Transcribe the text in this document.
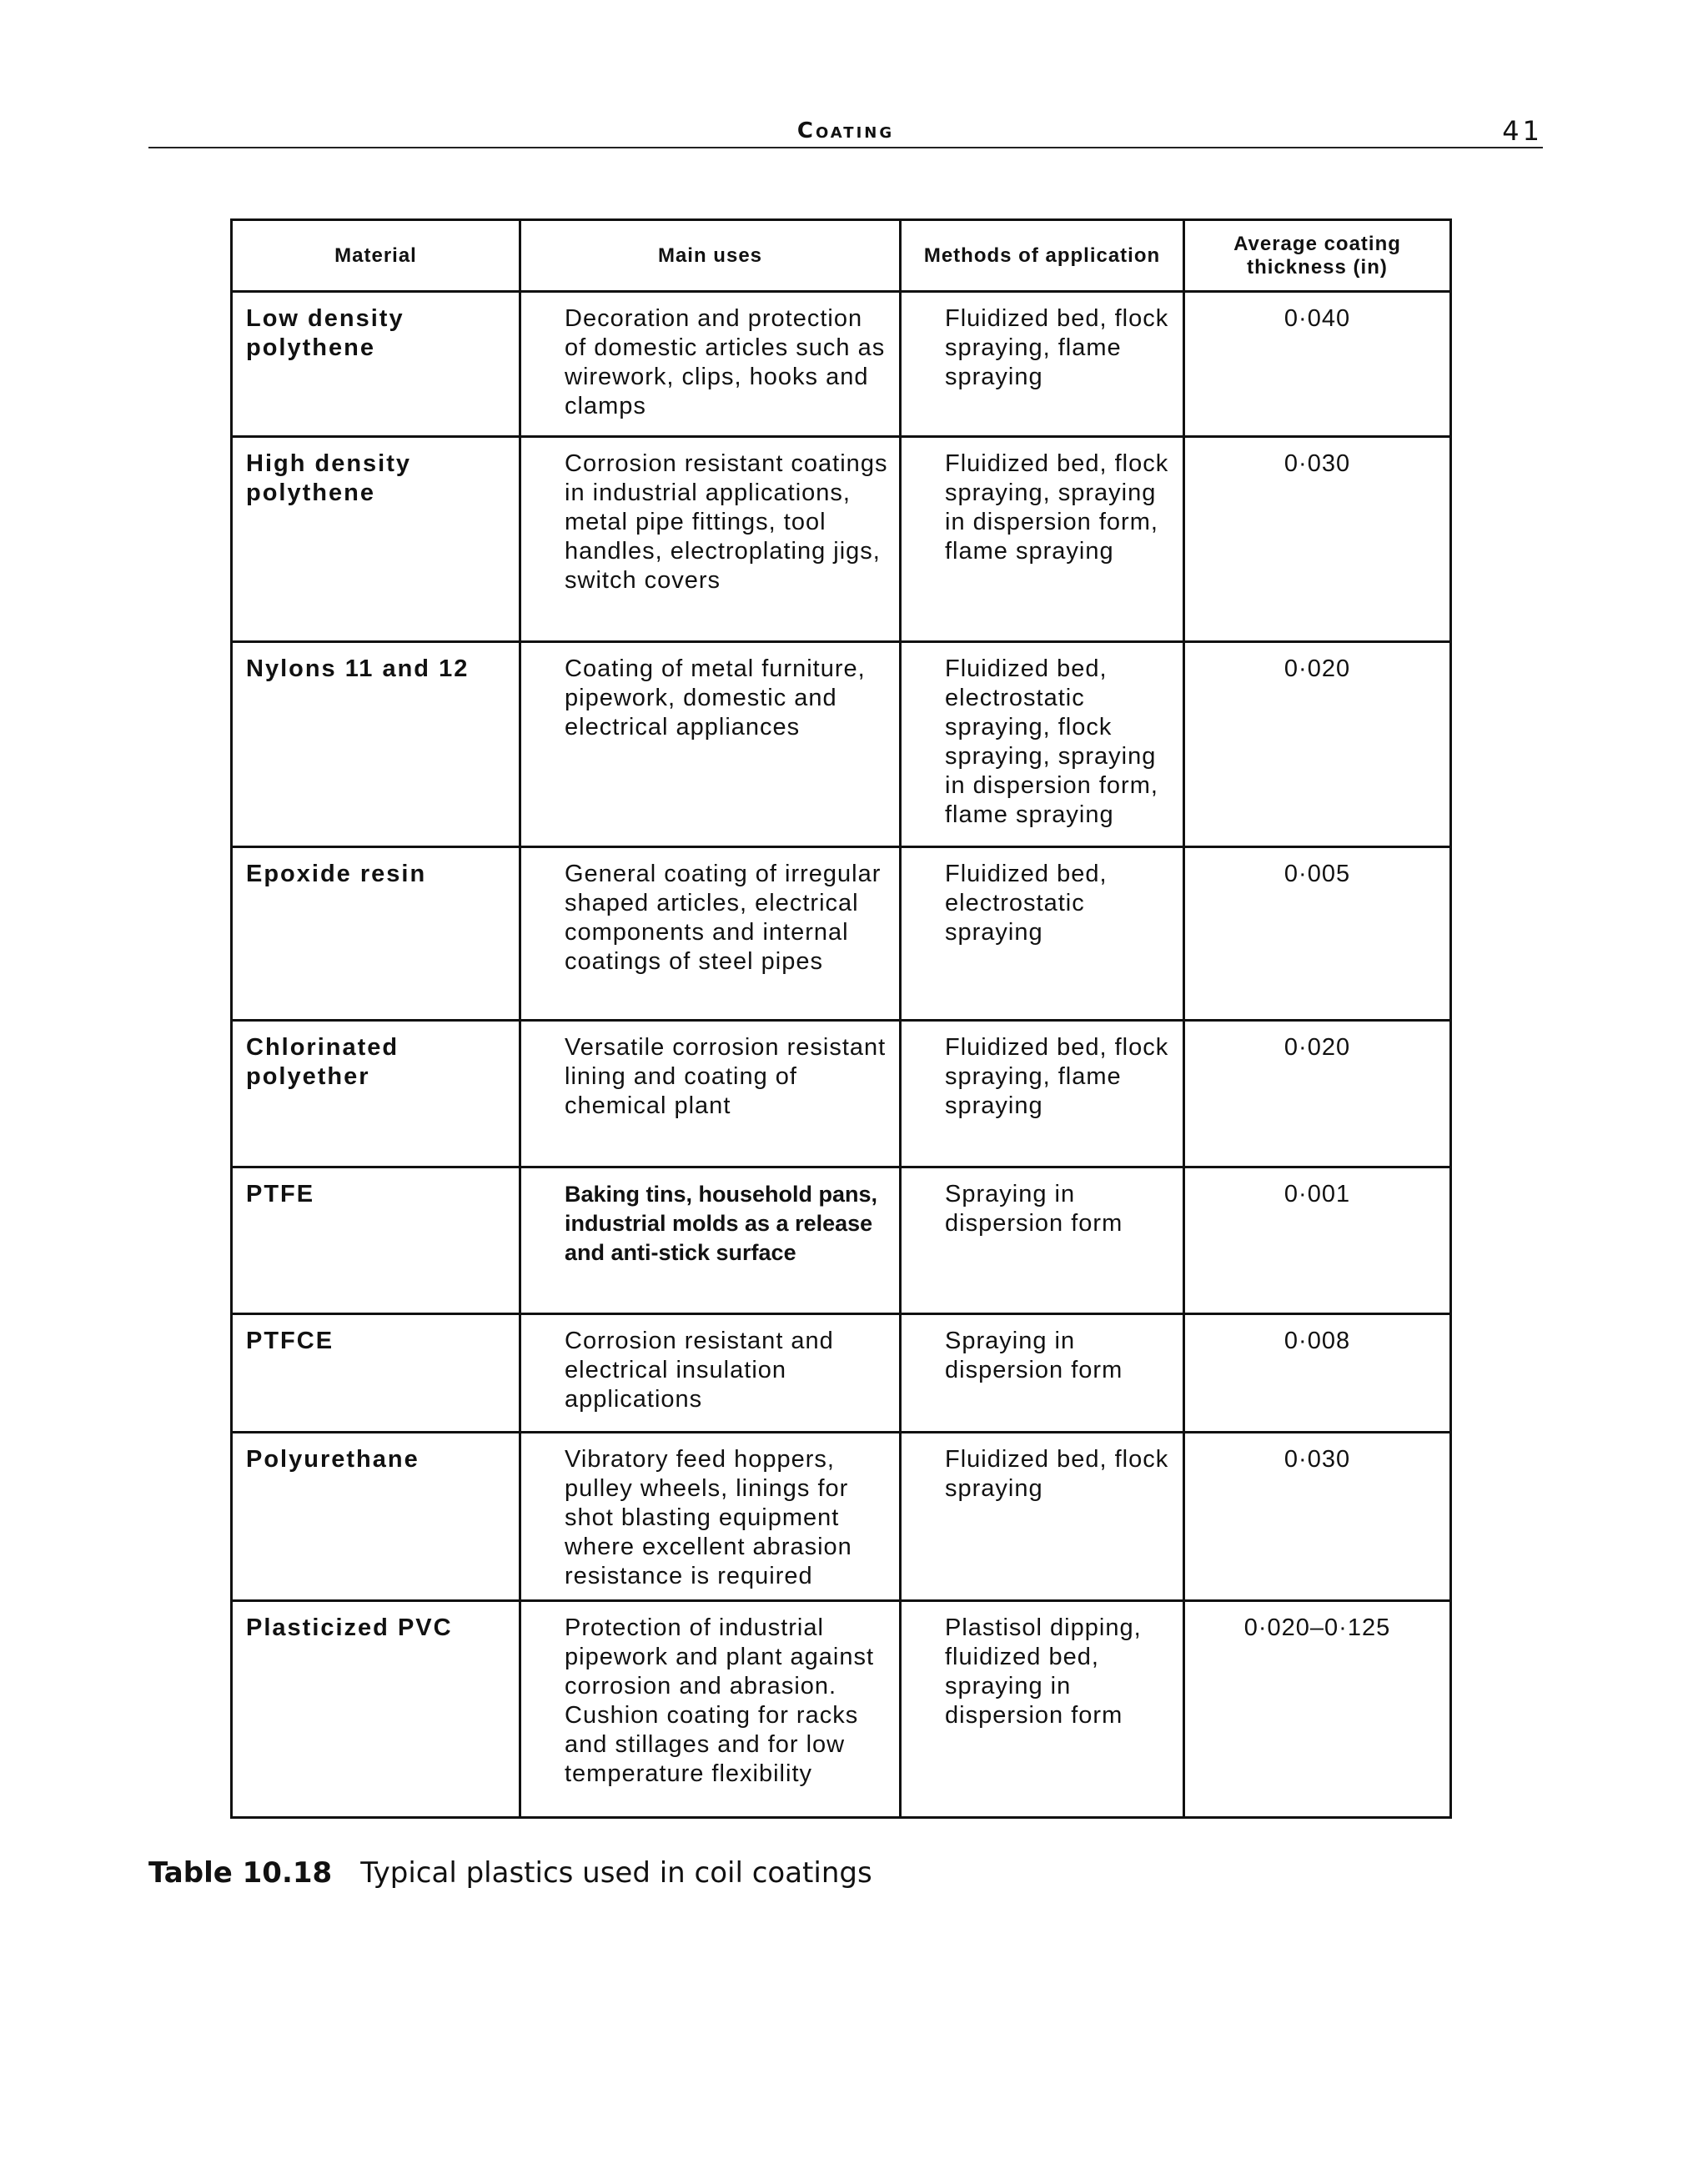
Coating	41
Material	Main uses	Methods of application	Average coating thickness (in)
Low density polythene	Decoration and protection of domestic articles such as wirework, clips, hooks and clamps	Fluidized bed, flock spraying, flame spraying	0·040
High density polythene	Corrosion resistant coatings in industrial applications, metal pipe fittings, tool handles, electroplating jigs, switch covers	Fluidized bed, flock spraying, spraying in dispersion form, flame spraying	0·030
Nylons 11 and 12	Coating of metal furniture, pipework, domestic and electrical appliances	Fluidized bed, electrostatic spraying, flock spraying, spraying in dispersion form, flame spraying	0·020
Epoxide resin	General coating of irregular shaped articles, electrical components and internal coatings of steel pipes	Fluidized bed, electrostatic spraying	0·005
Chlorinated polyether	Versatile corrosion resistant lining and coating of chemical plant	Fluidized bed, flock spraying, flame spraying	0·020
PTFE	Baking tins, household pans, industrial molds as a release and anti-stick surface	Spraying in dispersion form	0·001
PTFCE	Corrosion resistant and electrical insulation applications	Spraying in dispersion form	0·008
Polyurethane	Vibratory feed hoppers, pulley wheels, linings for shot blasting equipment where excellent abrasion resistance is required	Fluidized bed, flock spraying	0·030
Plasticized PVC	Protection of industrial pipework and plant against corrosion and abrasion. Cushion coating for racks and stillages and for low temperature flexibility	Plastisol dipping, fluidized bed, spraying in dispersion form	0·020–0·125
Table 10.18 Typical plastics used in coil coatings
